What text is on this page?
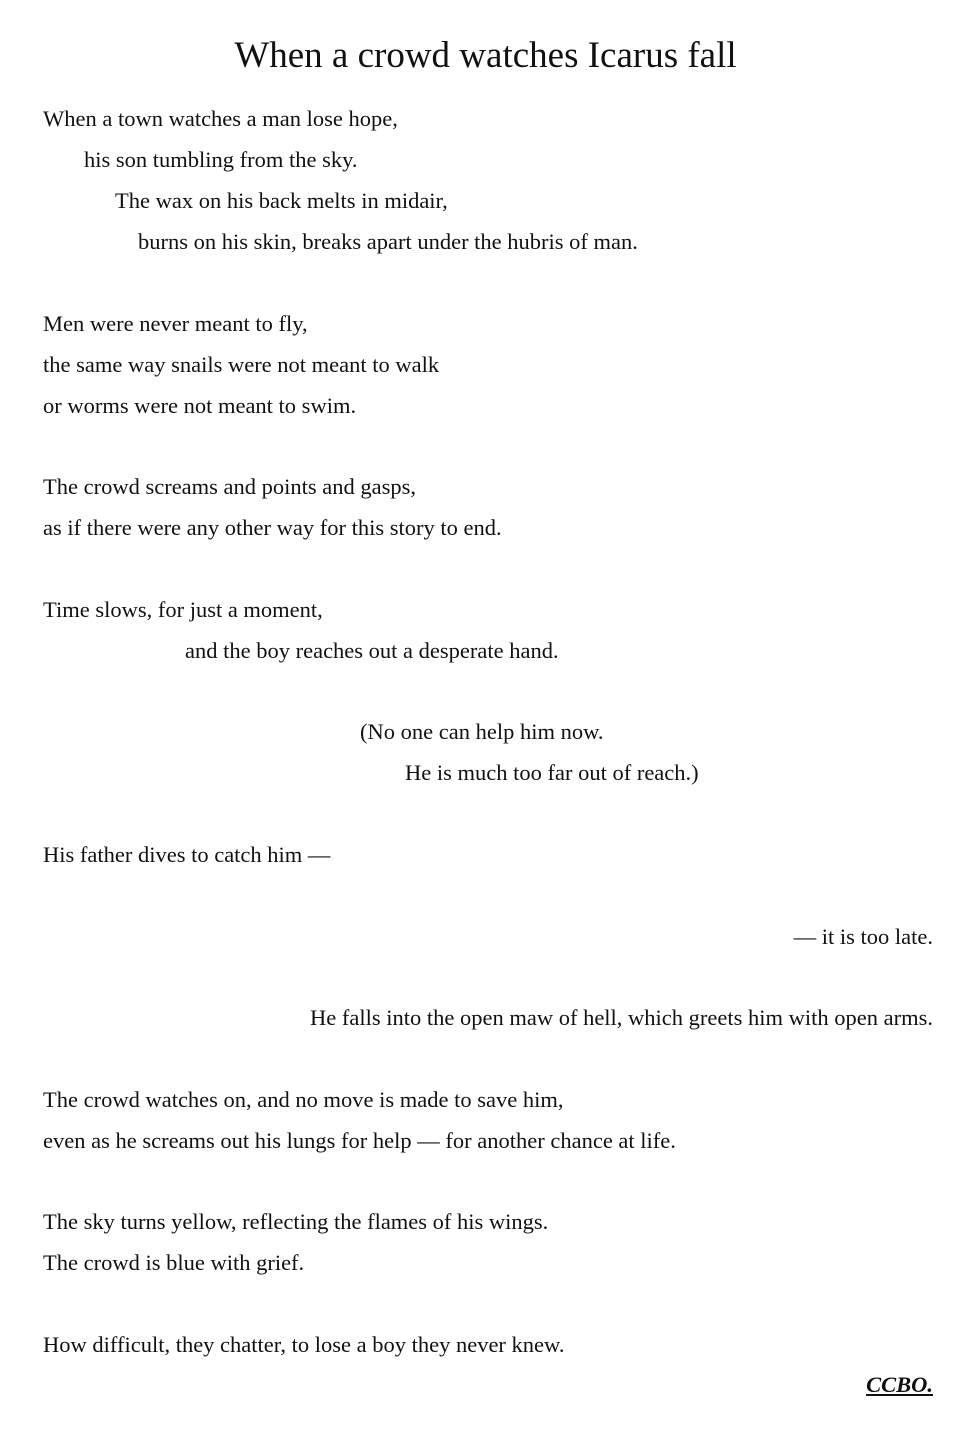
When a crowd watches Icarus fall
When a town watches a man lose hope,
his son tumbling from the sky.
The wax on his back melts in midair,
burns on his skin, breaks apart under the hubris of man.
Men were never meant to fly,
the same way snails were not meant to walk
or worms were not meant to swim.
The crowd screams and points and gasps,
as if there were any other way for this story to end.
Time slows, for just a moment,
and the boy reaches out a desperate hand.
(No one can help him now.
He is much too far out of reach.)
His father dives to catch him —
— it is too late.
He falls into the open maw of hell, which greets him with open arms.
The crowd watches on, and no move is made to save him,
even as he screams out his lungs for help — for another chance at life.
The sky turns yellow, reflecting the flames of his wings.
The crowd is blue with grief.
How difficult, they chatter, to lose a boy they never knew.
CCBO.
